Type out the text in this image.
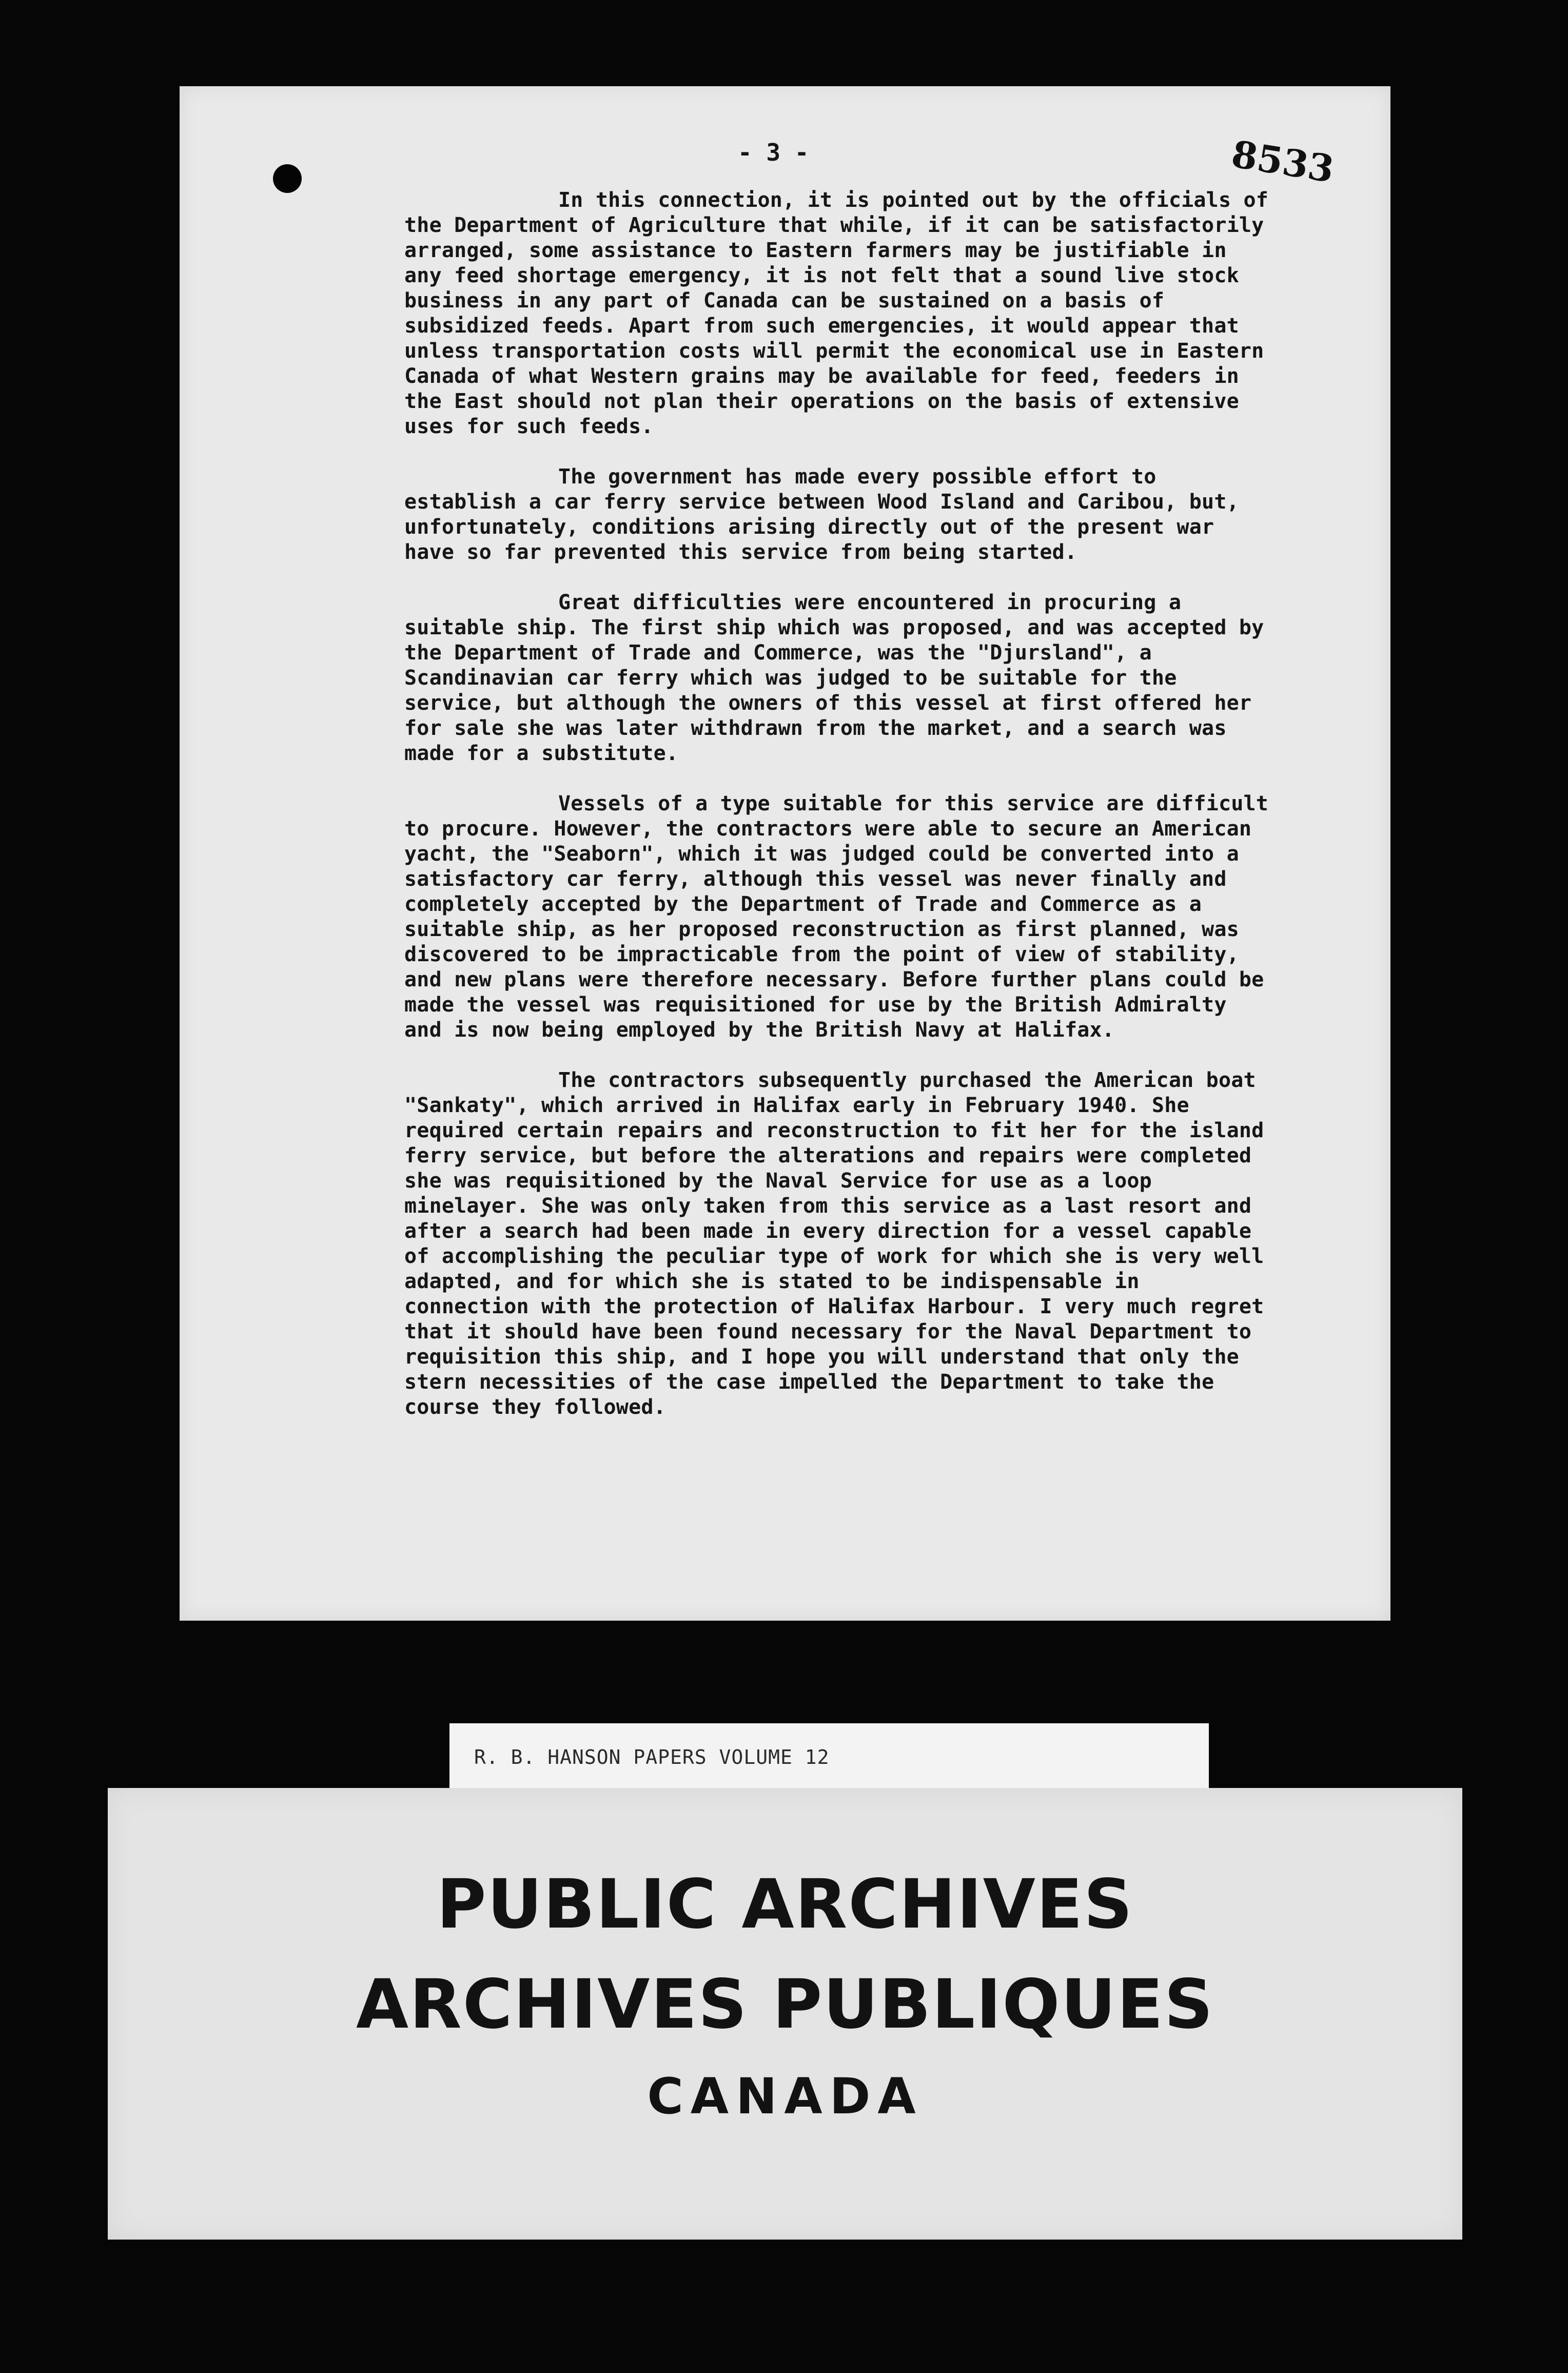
- 3 -	8533

In this connection, it is pointed out by the officials of the Department of Agriculture that while, if it can be satisfactorily arranged, some assistance to Eastern farmers may be justifiable in any feed shortage emergency, it is not felt that a sound live stock business in any part of Canada can be sustained on a basis of subsidized feeds. Apart from such emergencies, it would appear that unless transportation costs will permit the economical use in Eastern Canada of what Western grains may be available for feed, feeders in the East should not plan their operations on the basis of extensive uses for such feeds.

The government has made every possible effort to establish a car ferry service between Wood Island and Caribou, but, unfortunately, conditions arising directly out of the present war have so far prevented this service from being started.

Great difficulties were encountered in procuring a suitable ship. The first ship which was proposed, and was accepted by the Department of Trade and Commerce, was the "Djursland", a Scandinavian car ferry which was judged to be suitable for the service, but although the owners of this vessel at first offered her for sale she was later withdrawn from the market, and a search was made for a substitute.

Vessels of a type suitable for this service are difficult to procure. However, the contractors were able to secure an American yacht, the "Seaborn", which it was judged could be converted into a satisfactory car ferry, although this vessel was never finally and completely accepted by the Department of Trade and Commerce as a suitable ship, as her proposed reconstruction as first planned, was discovered to be impracticable from the point of view of stability, and new plans were therefore necessary. Before further plans could be made the vessel was requisitioned for use by the British Admiralty and is now being employed by the British Navy at Halifax.

The contractors subsequently purchased the American boat "Sankaty", which arrived in Halifax early in February 1940. She required certain repairs and reconstruction to fit her for the island ferry service, but before the alterations and repairs were completed she was requisitioned by the Naval Service for use as a loop minelayer. She was only taken from this service as a last resort and after a search had been made in every direction for a vessel capable of accomplishing the peculiar type of work for which she is very well adapted, and for which she is stated to be indispensable in connection with the protection of Halifax Harbour. I very much regret that it should have been found necessary for the Naval Department to requisition this ship, and I hope you will understand that only the stern necessities of the case impelled the Department to take the course they followed.

R. B. HANSON PAPERS VOLUME 12
PUBLIC ARCHIVES
ARCHIVES PUBLIQUES
CANADA
